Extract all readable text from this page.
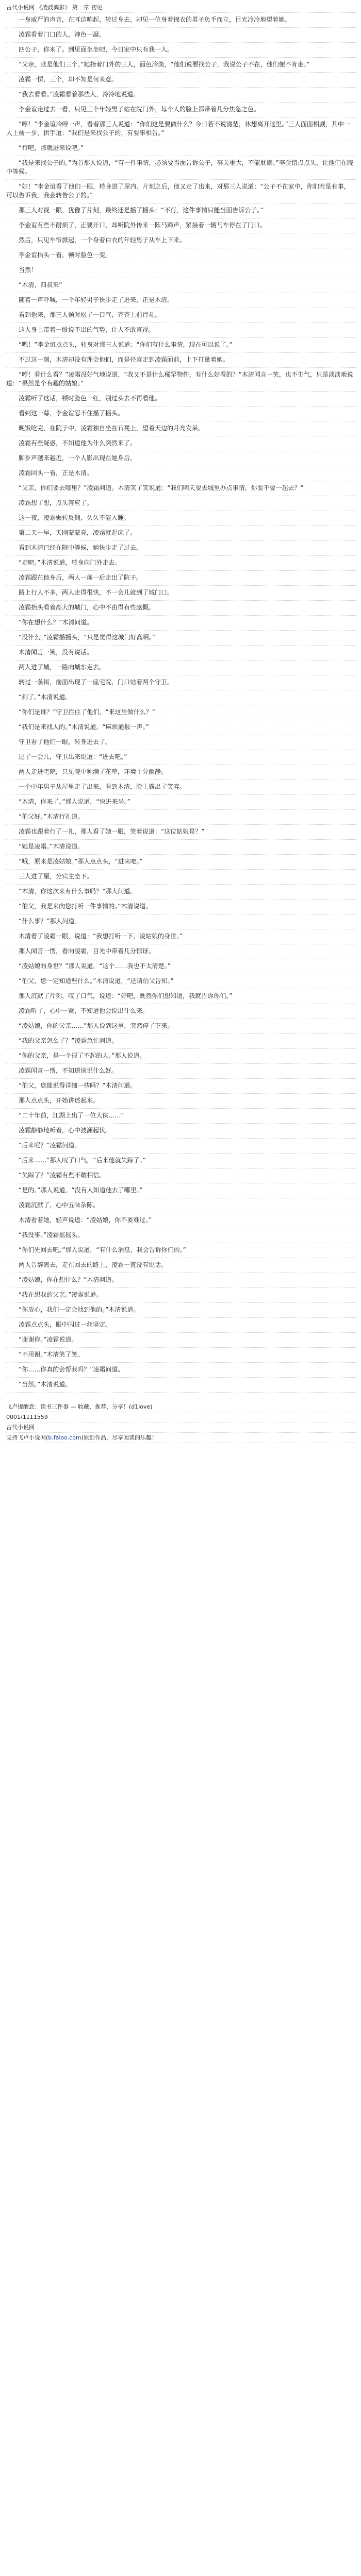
古代小说网 《凌波鸿影》 第一章 初见
一身威严的声音，在耳边响起，转过身去，却见一位身着锦衣的男子负手而立，目光冷冷地望着她。
凌霜看着门口的人，神色一凝。
四公子，你来了。到里面坐坐吧，今日家中只有我一人。
“父亲，就是他们三个。”她指着门外的三人，面色冷淡，“他们说要找公子，我说公子不在，他们便不肯走。”
凌霜一愣，三个，却不知是何来意。
“我去看看。”凌霜看着那些人，冷冷地说道。
李金谊走过去一看，只见三个年轻男子站在院门外，每个人的脸上都带着几分焦急之色。
“哼！”李金谊冷哼一声，看着那三人说道：“你们这是要做什么？今日若不说清楚，休想离开这里。”三人面面相觑，其中一人上前一步，拱手道：“我们是来找公子的，有要事相告。”
“行吧，那就进来说吧。”
“我是来找公子的。”为首那人说道，“有一件事情，必须要当面告诉公子，事关重大，不能耽搁。”李金谊点点头，让他们在院中等候。
“好！”李金谊看了他们一眼，转身进了屋内。片刻之后，他又走了出来，对那三人说道：“公子不在家中，你们若是有事，可以告诉我，我会转告公子的。”
那三人对视一眼，犹豫了片刻，最终还是摇了摇头：“不行，这件事情只能当面告诉公子。”
李金谊有些不耐烦了，正要开口，却听院外传来一阵马蹄声，紧接着一辆马车停在了门口。
然后，只见车帘掀起，一个身着白衣的年轻男子从车上下来。
李金谊抬头一看，顿时脸色一变。
当然！
“木清，四叔来”
随着一声呼喊，一个年轻男子快步走了进来，正是木清。
看到他来，那三人顿时松了一口气，齐齐上前行礼。
这人身上带着一股说不出的气势，让人不敢直视。
“嗯！”李金谊点点头，转身对那三人说道：“你们有什么事情，现在可以说了。”
不过这一刻，木清却没有理会他们，而是径直走到凌霜面前，上下打量着她。
“哼！看什么看？”凌霜没好气地说道，“我又不是什么稀罕物件，有什么好看的？”木清闻言一笑，也不生气，只是淡淡地说道：“果然是个有趣的姑娘。”
凌霜听了这话，顿时脸色一红，别过头去不再看他。
看到这一幕，李金谊忍不住摇了摇头。
晚饭吃完，在院子中，凌霜独自坐在石凳上，望着天边的月亮发呆。
凌霜有些疑惑，不知道他为什么突然来了。
脚步声越来越近，一个人影出现在她身后。
凌霜回头一看，正是木清。
“父亲，你们要去哪里？”凌霜问道。木清笑了笑说道：“我们明天要去城里办点事情，你要不要一起去？”
凌霜想了想，点头答应了。
这一夜，凌霜辗转反侧，久久不能入睡。
第二天一早，天刚蒙蒙亮，凌霜就起床了。
看到木清已经在院中等候，她快步走了过去。
“走吧。”木清说道，转身向门外走去。
凌霜跟在他身后，两人一前一后走出了院子。
路上行人不多，两人走得很快，不一会儿就到了城门口。
凌霜抬头看着高大的城门，心中不由得有些感慨。
“你在想什么？”木清问道。
“没什么。”凌霜摇摇头，“只是觉得这城门好高啊。”
木清闻言一笑，没有说话。
两人进了城，一路向城东走去。
转过一条街，前面出现了一座宅院，门口站着两个守卫。
“到了。”木清说道。
“你们是谁？”守卫拦住了他们，“来这里做什么？”
“我们是来找人的。”木清说道，“麻烦通报一声。”
守卫看了他们一眼，转身进去了。
过了一会儿，守卫出来说道：“进去吧。”
两人走进宅院，只见院中种满了花草，环境十分幽静。
一个中年男子从屋里走了出来，看到木清，脸上露出了笑容。
“木清，你来了。”那人说道，“快进来坐。”
“伯父好。”木清行礼道。
凌霜也跟着行了一礼，那人看了她一眼，笑着说道：“这位姑娘是？”
“她是凌霜。”木清说道。
“哦，原来是凌姑娘。”那人点点头，“进来吧。”
三人进了屋，分宾主坐下。
“木清，你这次来有什么事吗？”那人问道。
“伯父，我是来向您打听一件事情的。”木清说道。
“什么事？”那人问道。
木清看了凌霜一眼，说道：“我想打听一下，凌姑娘的身世。”
那人闻言一愣，看向凌霜，目光中带着几分惊讶。
“凌姑娘的身世？”那人说道，“这个……我也不太清楚。”
“伯父，您一定知道些什么。”木清说道，“还请伯父告知。”
那人沉默了片刻，叹了口气，说道：“好吧，既然你们想知道，我就告诉你们。”
凌霜听了，心中一紧，不知道他会说出什么来。
“凌姑娘，你的父亲……”那人说到这里，突然停了下来。
“我的父亲怎么了？”凌霜急忙问道。
“你的父亲，是一个很了不起的人。”那人说道。
凌霜闻言一愣，不知道该说什么好。
“伯父，您能说得详细一些吗？”木清问道。
那人点点头，开始讲述起来。
“二十年前，江湖上出了一位大侠……”
凌霜静静地听着，心中波澜起伏。
“后来呢？”凌霜问道。
“后来……”那人叹了口气，“后来他就失踪了。”
“失踪了？”凌霜有些不敢相信。
“是的。”那人说道，“没有人知道他去了哪里。”
凌霜沉默了，心中五味杂陈。
木清看着她，轻声说道：“凌姑娘，你不要难过。”
“我没事。”凌霜摇摇头。
“你们先回去吧。”那人说道，“有什么消息，我会告诉你们的。”
两人告辞离去，走在回去的路上，凌霜一直没有说话。
“凌姑娘，你在想什么？”木清问道。
“我在想我的父亲。”凌霜说道。
“你放心，我们一定会找到他的。”木清说道。
凌霜点点头，眼中闪过一丝坚定。
“谢谢你。”凌霜说道。
“不用谢。”木清笑了笑。
“你……你真的会帮我吗？”凌霜问道。
“当然。”木清说道。
飞卢提醒您：读书三件事 — 收藏、推荐、分享！(d1love)
0001/1111559
古代小说网
支持飞卢小说网(b.faloo.com)原创作品，尽享阅读的乐趣！
